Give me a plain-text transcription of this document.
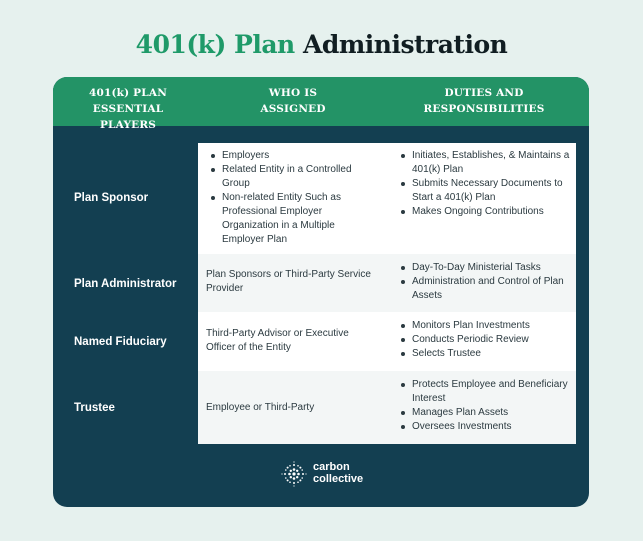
401(k) Plan Administration
401(k) PLAN
ESSENTIAL PLAYERS
WHO IS
ASSIGNED
DUTIES AND
RESPONSIBILITIES
Plan Sponsor
Employers
Related Entity in a Controlled Group
Non-related Entity Such as Professional Employer Organization in a Multiple Employer Plan
Initiates, Establishes, & Maintains a 401(k) Plan
Submits Necessary Documents to Start a 401(k) Plan
Makes Ongoing Contributions
Plan Administrator
Plan Sponsors or Third-Party Service Provider
Day-To-Day Ministerial Tasks
Administration and Control of Plan Assets
Named Fiduciary
Third-Party Advisor or Executive Officer of the Entity
Monitors Plan Investments
Conducts Periodic Review
Selects Trustee
Trustee	Employee or Third-Party
Protects Employee and Beneficiary Interest
Manages Plan Assets
Oversees Investments
carbon
collective
